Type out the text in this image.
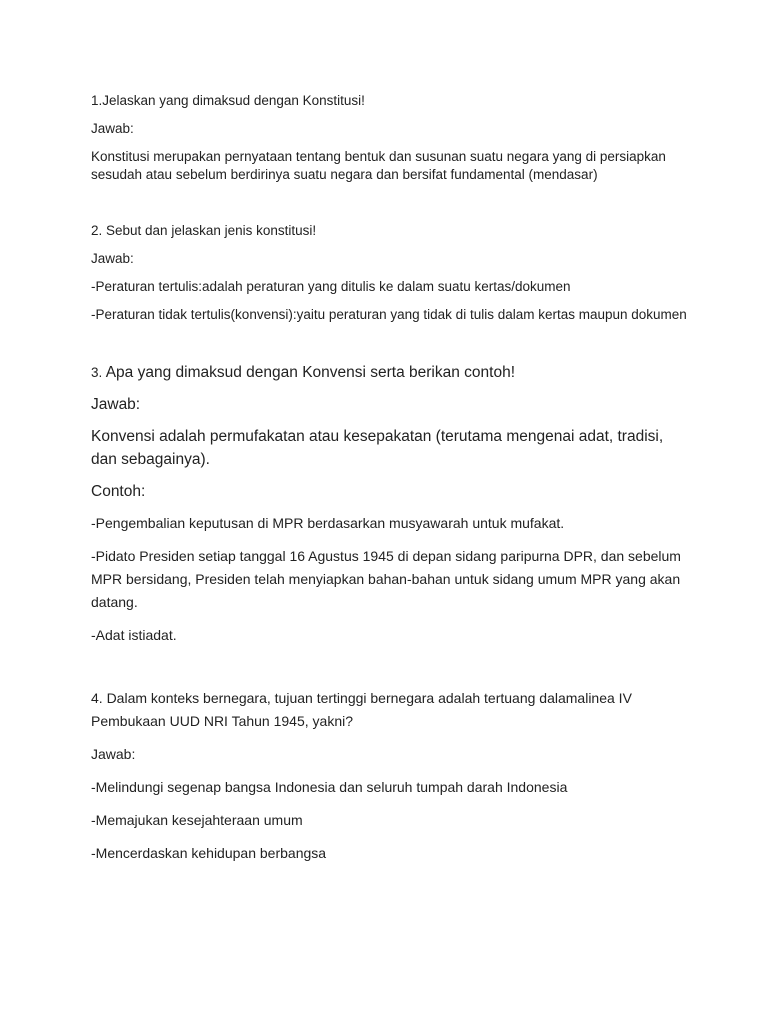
1.Jelaskan yang dimaksud dengan Konstitusi!

Jawab:

Konstitusi merupakan pernyataan tentang bentuk dan susunan suatu negara yang di persiapkan sesudah atau sebelum berdirinya suatu negara dan bersifat fundamental (mendasar)

2. Sebut dan jelaskan jenis konstitusi!

Jawab:

-Peraturan tertulis:adalah peraturan yang ditulis ke dalam suatu kertas/dokumen

-Peraturan tidak tertulis(konvensi):yaitu peraturan yang tidak di tulis dalam kertas maupun dokumen

3. Apa yang dimaksud dengan Konvensi serta berikan contoh!

Jawab:

Konvensi adalah permufakatan atau kesepakatan (terutama mengenai adat, tradisi, dan sebagainya).

Contoh:

-Pengembalian keputusan di MPR berdasarkan musyawarah untuk mufakat.

-Pidato Presiden setiap tanggal 16 Agustus 1945 di depan sidang paripurna DPR, dan sebelum MPR bersidang, Presiden telah menyiapkan bahan-bahan untuk sidang umum MPR yang akan datang.

-Adat istiadat.

4. Dalam konteks bernegara, tujuan tertinggi bernegara adalah tertuang dalamalinea IV Pembukaan UUD NRI Tahun 1945, yakni?

Jawab:

-Melindungi segenap bangsa Indonesia dan seluruh tumpah darah Indonesia

-Memajukan kesejahteraan umum

-Mencerdaskan kehidupan berbangsa
